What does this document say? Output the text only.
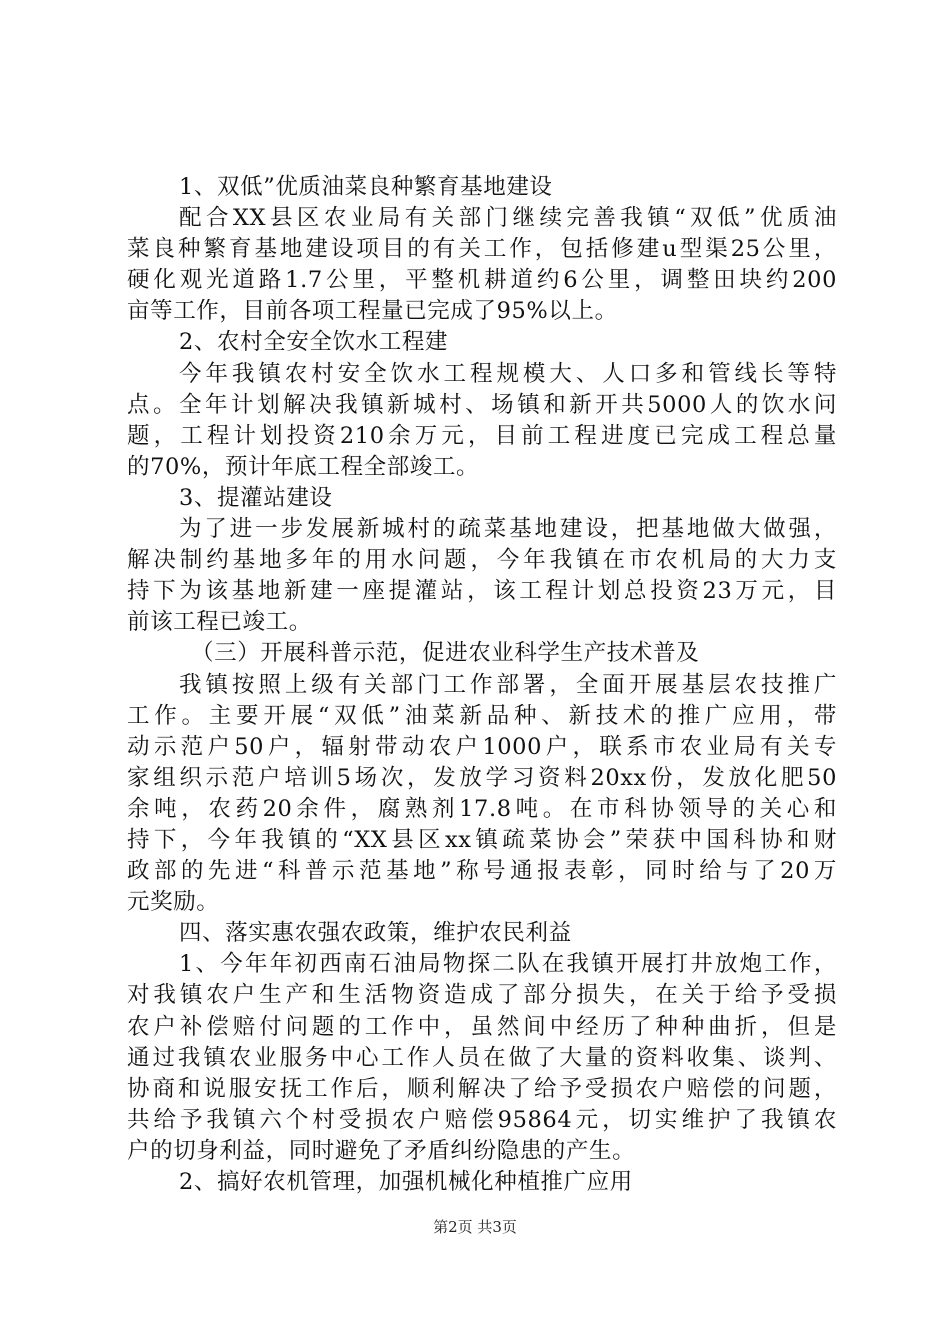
1、双低”优质油菜良种繁育基地建设
配合XX县区农业局有关部门继续完善我镇“双低”优质油
菜良种繁育基地建设项目的有关工作，包括修建u型渠25公里，
硬化观光道路1.7公里，平整机耕道约6公里，调整田块约200
亩等工作，目前各项工程量已完成了95%以上。
2、农村全安全饮水工程建
今年我镇农村安全饮水工程规模大、人口多和管线长等特
点。全年计划解决我镇新城村、场镇和新开共5000人的饮水问
题，工程计划投资210余万元，目前工程进度已完成工程总量
的70%，预计年底工程全部竣工。
3、提灌站建设
为了进一步发展新城村的疏菜基地建设，把基地做大做强，
解决制约基地多年的用水问题，今年我镇在市农机局的大力支
持下为该基地新建一座提灌站，该工程计划总投资23万元，目
前该工程已竣工。
（三）开展科普示范，促进农业科学生产技术普及
我镇按照上级有关部门工作部署，全面开展基层农技推广
工作。主要开展“双低”油菜新品种、新技术的推广应用，带
动示范户50户，辐射带动农户1000户，联系市农业局有关专
家组织示范户培训5场次，发放学习资料20xx份，发放化肥50
余吨，农药20余件，腐熟剂17.8吨。在市科协领导的关心和
持下，今年我镇的“XX县区xx镇疏菜协会”荣获中国科协和财
政部的先进“科普示范基地”称号通报表彰，同时给与了20万
元奖励。
四、落实惠农强农政策，维护农民利益
1、今年年初西南石油局物探二队在我镇开展打井放炮工作，
对我镇农户生产和生活物资造成了部分损失，在关于给予受损
农户补偿赔付问题的工作中，虽然间中经历了种种曲折，但是
通过我镇农业服务中心工作人员在做了大量的资料收集、谈判、
协商和说服安抚工作后，顺利解决了给予受损农户赔偿的问题，
共给予我镇六个村受损农户赔偿95864元，切实维护了我镇农
户的切身利益，同时避免了矛盾纠纷隐患的产生。
2、搞好农机管理，加强机械化种植推广应用
第2页 共3页
